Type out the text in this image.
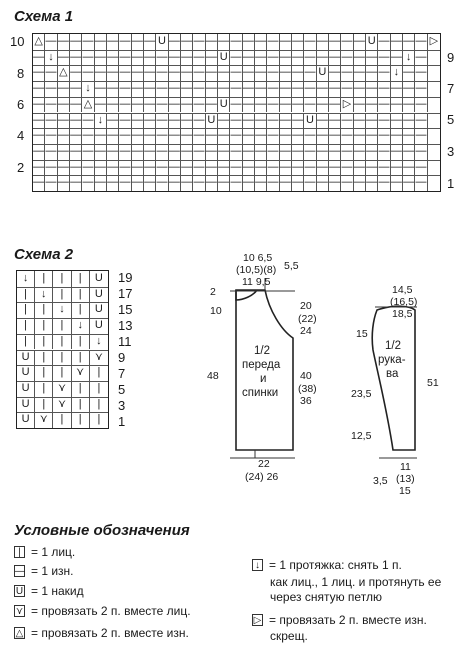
Схема 1
△ — — — — — — — — — U — — — — — — — — — — — — — — — — U — — — — ▷
— ↓ — — — — — — — — — — — — — U — — — — — — — — — — — — — — ↓ —
— — △ — — — — — — — — — — — — — — — — — — — — U — — — — — ↓ — —
— — — — ↓ — — — — — — — — — — — — — — — — — — — — — — — — — — —
— — — — △ — — — — — — — — — — U — — — — — — — — — ▷ — — — — — —
— — — — — ↓ — — — — — — — — U — — — — — — — U — — — — — — — — —
— — — — — — — — — — — — — — — — — — — — — — — — — — — — — — — —
— — — — — — — — — — — — — — — — — — — — — — — — — — — — — — — —
— — — — — — — — — — — — — — — — — — — — — — — — — — — — — — — —
— — — — — — — — — — — — — — — — — — — — — — — — — — — — — — — —
10
8
6
4
2
9
7
5
3
1
Схема 2
↓	|	|	|	U
|	↓	|	|	U
|	|	↓	|	U
|	|	|	↓	U
|	|	|	|	↓
U	|	|	|	⋎
U	|	|	⋎	|
U	|	⋎	|	|
U	|	⋎	|	|
U ⋎	|	|	|
19
17
15
13
11
9
7
5
3
1
10 6,5
(10,5)(8)
11 9,5
5,5
2
10	20
(22)
24
48	40
(38)
36
1/2
переда
и
спинки
22
(24) 26
14,5
(16,5)
18,5
15
51
23,5
12,5
1/2
рука-
ва
11
(13)
15
3,5
Условные обозначения
| = 1 лиц.
— = 1 изн.
U = 1 накид
⋎ = провязать 2 п. вместе лиц.
△ = провязать 2 п. вместе изн.
↓ = 1 протяжка: снять 1 п.
как лиц., 1 лиц. и протянуть ее
через снятую петлю
▷ = провязать 2 п. вместе изн.
скрещ.
